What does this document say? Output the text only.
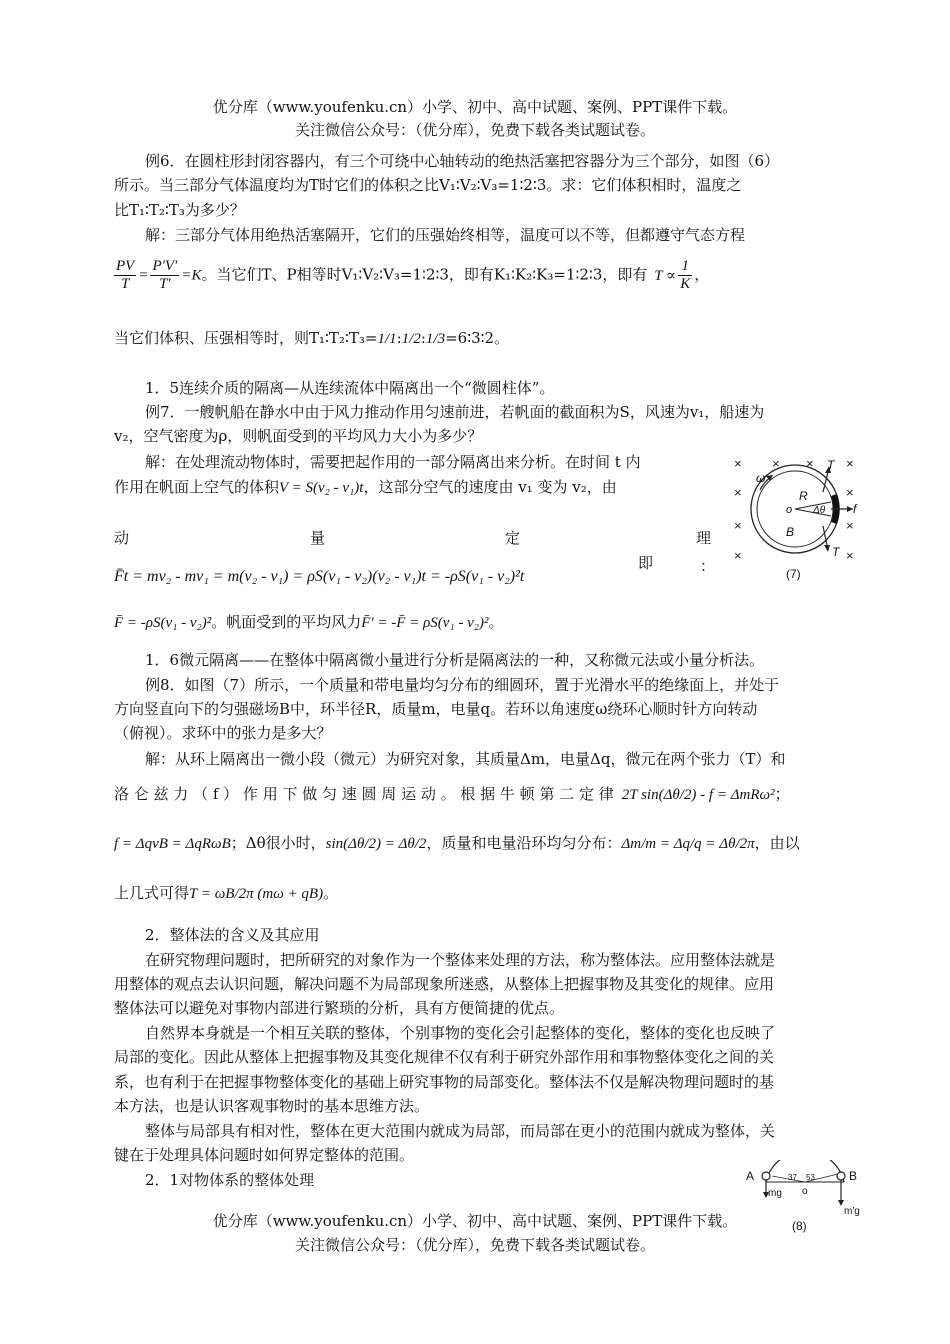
优分库（www.youfenku.cn）小学、初中、高中试题、案例、PPT课件下载。
关注微信公众号：（优分库），免费下载各类试题试卷。
例6．在圆柱形封闭容器内，有三个可绕中心轴转动的绝热活塞把容器分为三个部分，如图（6）
所示。当三部分气体温度均为T时它们的体积之比V₁∶V₂∶V₃=1∶2∶3。求：它们体积相时，温度之
比T₁∶T₂∶T₃为多少？
解：三部分气体用绝热活塞隔开，它们的压强始终相等，温度可以不等，但都遵守气态方程
$\frac{PV}{T} = \frac{P'V'}{T'} =K$。当它们T、P相等时V₁∶V₂∶V₃=1∶2∶3，即有K₁∶K₂∶K₃=1∶2∶3，即有 $T \propto \frac{1}{K}$ ，
当它们体积、压强相等时，则T₁∶T₂∶T₃=1/1:1/2:1/3=6∶3∶2。
1．5连续介质的隔离—从连续流体中隔离出一个“微圆柱体”。
例7．一艘帆船在静水中由于风力推动作用匀速前进，若帆面的截面积为S，风速为v₁，船速为
v₂，空气密度为ρ，则帆面受到的平均风力大小为多少？
解：在处理流动物体时，需要把起作用的一部分隔离出来分析。在时间 t 内
作用在帆面上空气的体积V = S(v₂ - v₁)t，这部分空气的速度由 v₁ 变为 v₂，由
动	量	定	理
：
F̄t = mv₂ - mv₁ = m(v₂ - v₁) = ρS(v₁ - v₂)(v₂ - v₁)t = -ρS(v₁ - v₂)²t
即
F̄ = -ρS(v₁ - v₂)²。帆面受到的平均风力F̄′ = -F̄ = ρS(v₁ - v₂)²。
1．6微元隔离——在整体中隔离微小量进行分析是隔离法的一种，又称微元法或小量分析法。
例8．如图（7）所示，一个质量和带电量均匀分布的细圆环，置于光滑水平的绝缘面上，并处于
方向竖直向下的匀强磁场B中，环半径R，质量m，电量q。若环以角速度ω绕环心顺时针方向转动
（俯视）。求环中的张力是多大？
解：从环上隔离出一微小段（微元）为研究对象，其质量Δm，电量Δq，微元在两个张力（T）和
洛 仑 兹 力 （ f ） 作 用 下 做 匀 速 圆 周 运 动 。 根 据 牛 顿 第 二 定 律 2T sin(Δθ/2) - f = ΔmRω²；
f = ΔqvB = ΔqRωB；Δθ很小时，sin(Δθ/2) = Δθ/2，质量和电量沿环均匀分布：Δm/m = Δq/q = Δθ/2π，由以
上几式可得T = ωB/2π (mω + qB)。
2．整体法的含义及其应用
在研究物理问题时，把所研究的对象作为一个整体来处理的方法，称为整体法。应用整体法就是
用整体的观点去认识问题，解决问题不为局部现象所迷惑，从整体上把握事物及其变化的规律。应用
整体法可以避免对事物内部进行繁琐的分析，具有方便简捷的优点。
自然界本身就是一个相互关联的整体，个别事物的变化会引起整体的变化，整体的变化也反映了
局部的变化。因此从整体上把握事物及其变化规律不仅有利于研究外部作用和事物整体变化之间的关
系，也有利于在把握事物整体变化的基础上研究事物的局部变化。整体法不仅是解决物理问题时的基
本方法，也是认识客观事物时的基本思维方法。
整体与局部具有相对性，整体在更大范围内就成为局部，而局部在更小的范围内就成为整体，关
键在于处理具体问题时如何界定整体的范围。
2．1对物体系的整体处理
优分库（www.youfenku.cn）小学、初中、高中试题、案例、PPT课件下载。
关注微信公众号：（优分库），免费下载各类试题试卷。
× × × ×
×	×
×	×
×	×
ω
T
T
R
B
o Δθ f
(7)
A	B
o
37 53
mg
m′g
(8)
